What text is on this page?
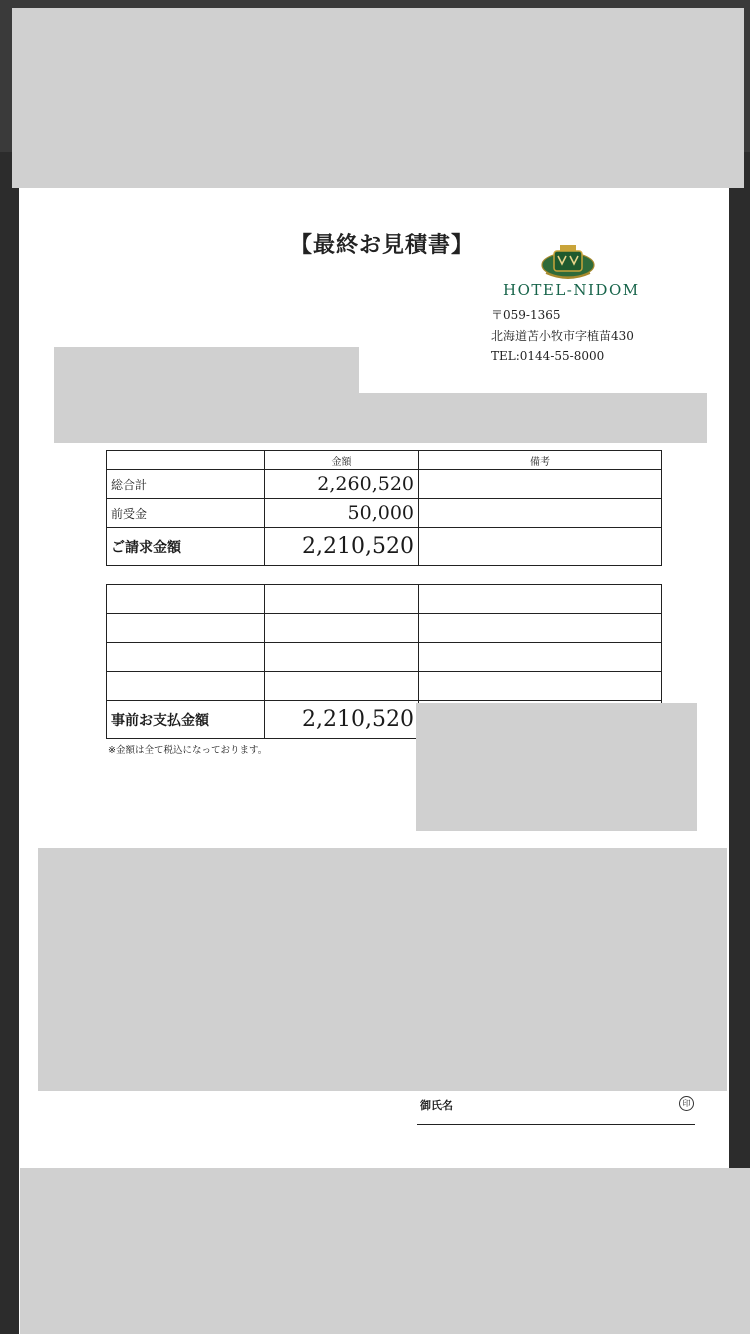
【最終お見積書】
HOTEL-NIDOM
〒059-1365
北海道苫小牧市字植苗430
TEL:0144-55-8000
	金額	備考
総合計	2,260,520	
前受金	50,000	
ご請求金額	2,210,520	

事前お支払金額	2,210,520	
※金額は全て税込になっております。
御氏名	印
